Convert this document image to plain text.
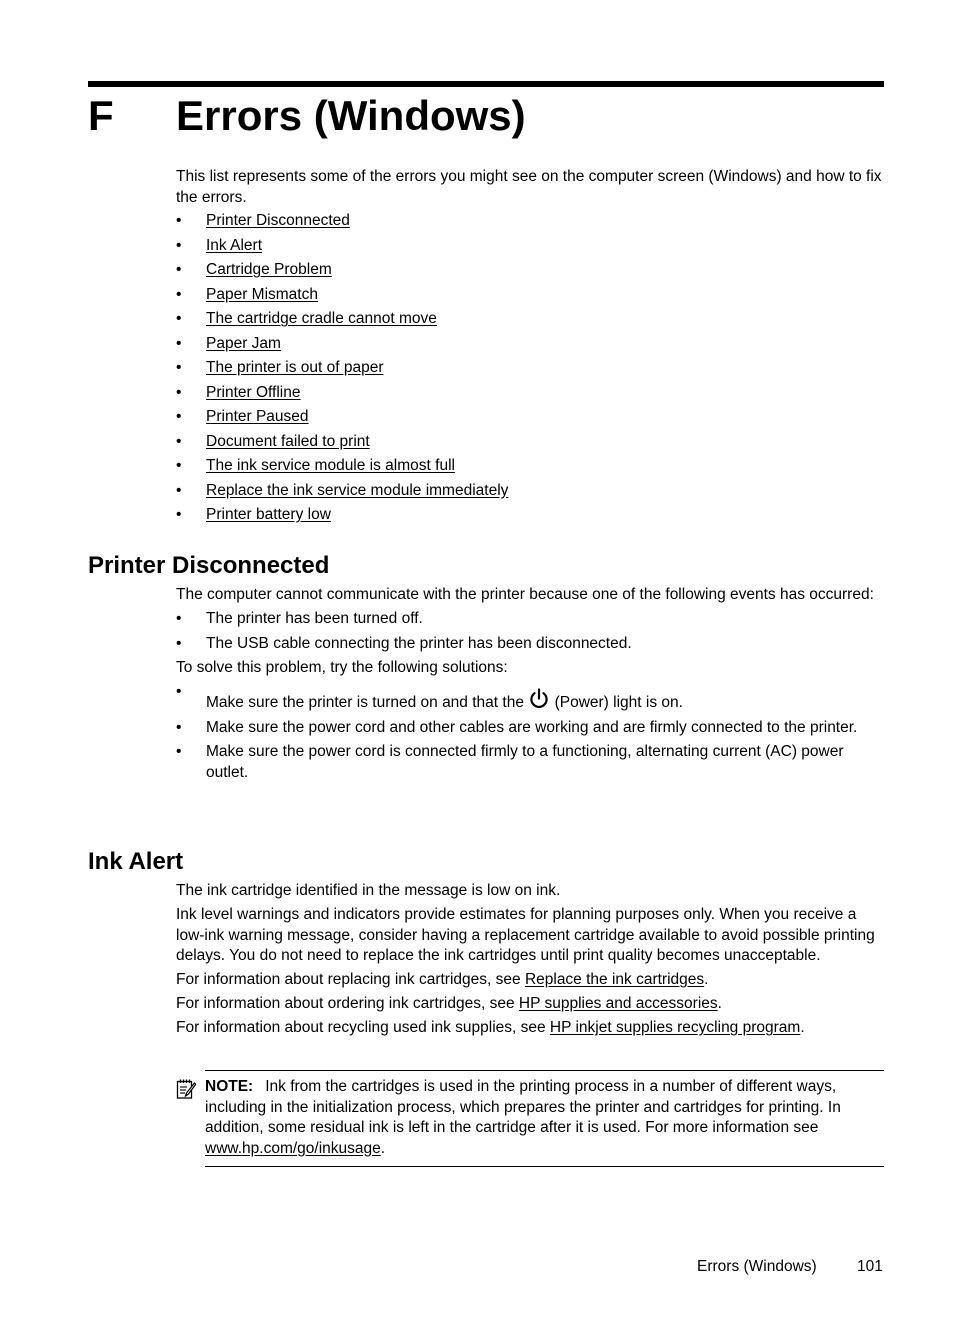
F Errors (Windows)
This list represents some of the errors you might see on the computer screen (Windows) and how to fix the errors.
• Printer Disconnected
• Ink Alert
• Cartridge Problem
• Paper Mismatch
• The cartridge cradle cannot move
• Paper Jam
• The printer is out of paper
• Printer Offline
• Printer Paused
• Document failed to print
• The ink service module is almost full
• Replace the ink service module immediately
• Printer battery low
Printer Disconnected

The computer cannot communicate with the printer because one of the following events has occurred:

• The printer has been turned off.
• The USB cable connecting the printer has been disconnected.

To solve this problem, try the following solutions:

•
Make sure the printer is turned on and that the (Power) light is on.
• Make sure the power cord and other cables are working and are firmly connected to the printer.
• Make sure the power cord is connected firmly to a functioning, alternating current (AC) power outlet.
Ink Alert

The ink cartridge identified in the message is low on ink.

Ink level warnings and indicators provide estimates for planning purposes only. When you receive a low-ink warning message, consider having a replacement cartridge available to avoid possible printing delays. You do not need to replace the ink cartridges until print quality becomes unacceptable.

For information about replacing ink cartridges, see Replace the ink cartridges.

For information about ordering ink cartridges, see HP supplies and accessories.

For information about recycling used ink supplies, see HP inkjet supplies recycling program.

NOTE: Ink from the cartridges is used in the printing process in a number of different ways, including in the initialization process, which prepares the printer and cartridges for printing. In addition, some residual ink is left in the cartridge after it is used. For more information see www.hp.com/go/inkusage.
Errors (Windows)	101
